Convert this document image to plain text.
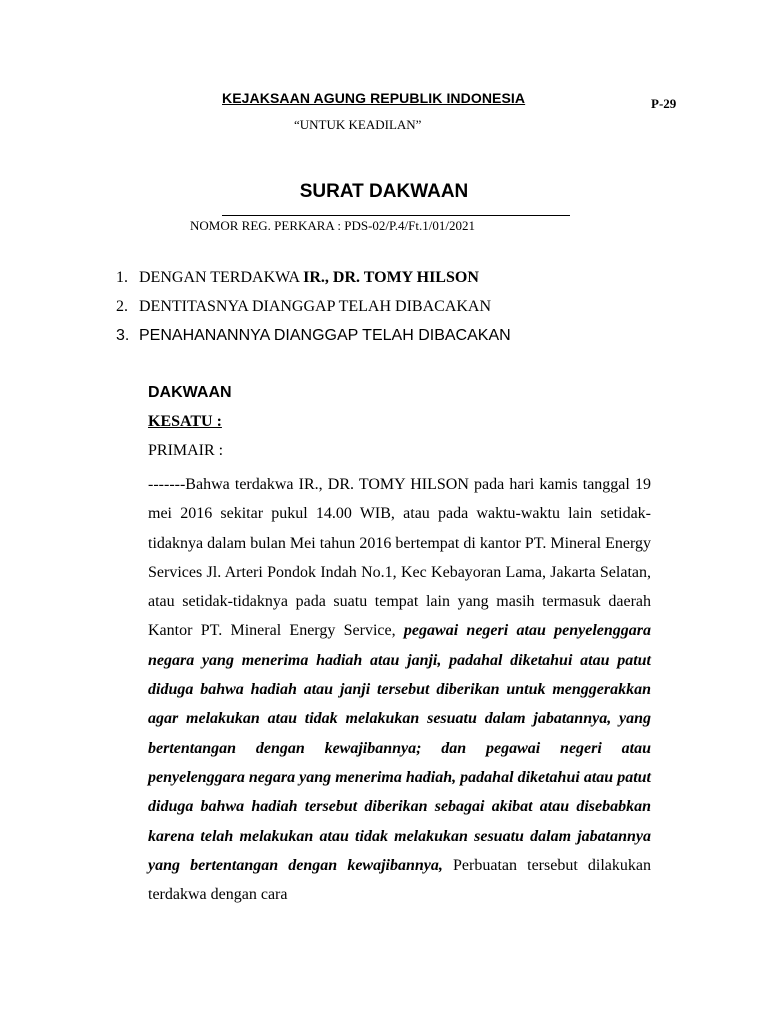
KEJAKSAAN AGUNG REPUBLIK INDONESIA	P-29
“UNTUK KEADILAN”
SURAT DAKWAAN
NOMOR REG. PERKARA : PDS-02/P.4/Ft.1/01/2021
1. DENGAN TERDAKWA IR., DR. TOMY HILSON
2. DENTITASNYA DIANGGAP TELAH DIBACAKAN
3. PENAHANANNYA DIANGGAP TELAH DIBACAKAN
DAKWAAN
KESATU :
PRIMAIR :
-------Bahwa terdakwa IR., DR. TOMY HILSON pada hari kamis tanggal 19 mei 2016 sekitar pukul 14.00 WIB, atau pada waktu-waktu lain setidak-tidaknya dalam bulan Mei tahun 2016 bertempat di kantor PT. Mineral Energy Services Jl. Arteri Pondok Indah No.1, Kec Kebayoran Lama, Jakarta Selatan, atau setidak-tidaknya pada suatu tempat lain yang masih termasuk daerah Kantor PT. Mineral Energy Service, pegawai negeri atau penyelenggara negara yang menerima hadiah atau janji, padahal diketahui atau patut diduga bahwa hadiah atau janji tersebut diberikan untuk menggerakkan agar melakukan atau tidak melakukan sesuatu dalam jabatannya, yang bertentangan dengan kewajibannya; dan pegawai negeri atau penyelenggara negara yang menerima hadiah, padahal diketahui atau patut diduga bahwa hadiah tersebut diberikan sebagai akibat atau disebabkan karena telah melakukan atau tidak melakukan sesuatu dalam jabatannya yang bertentangan dengan kewajibannya, Perbuatan tersebut dilakukan terdakwa dengan cara
